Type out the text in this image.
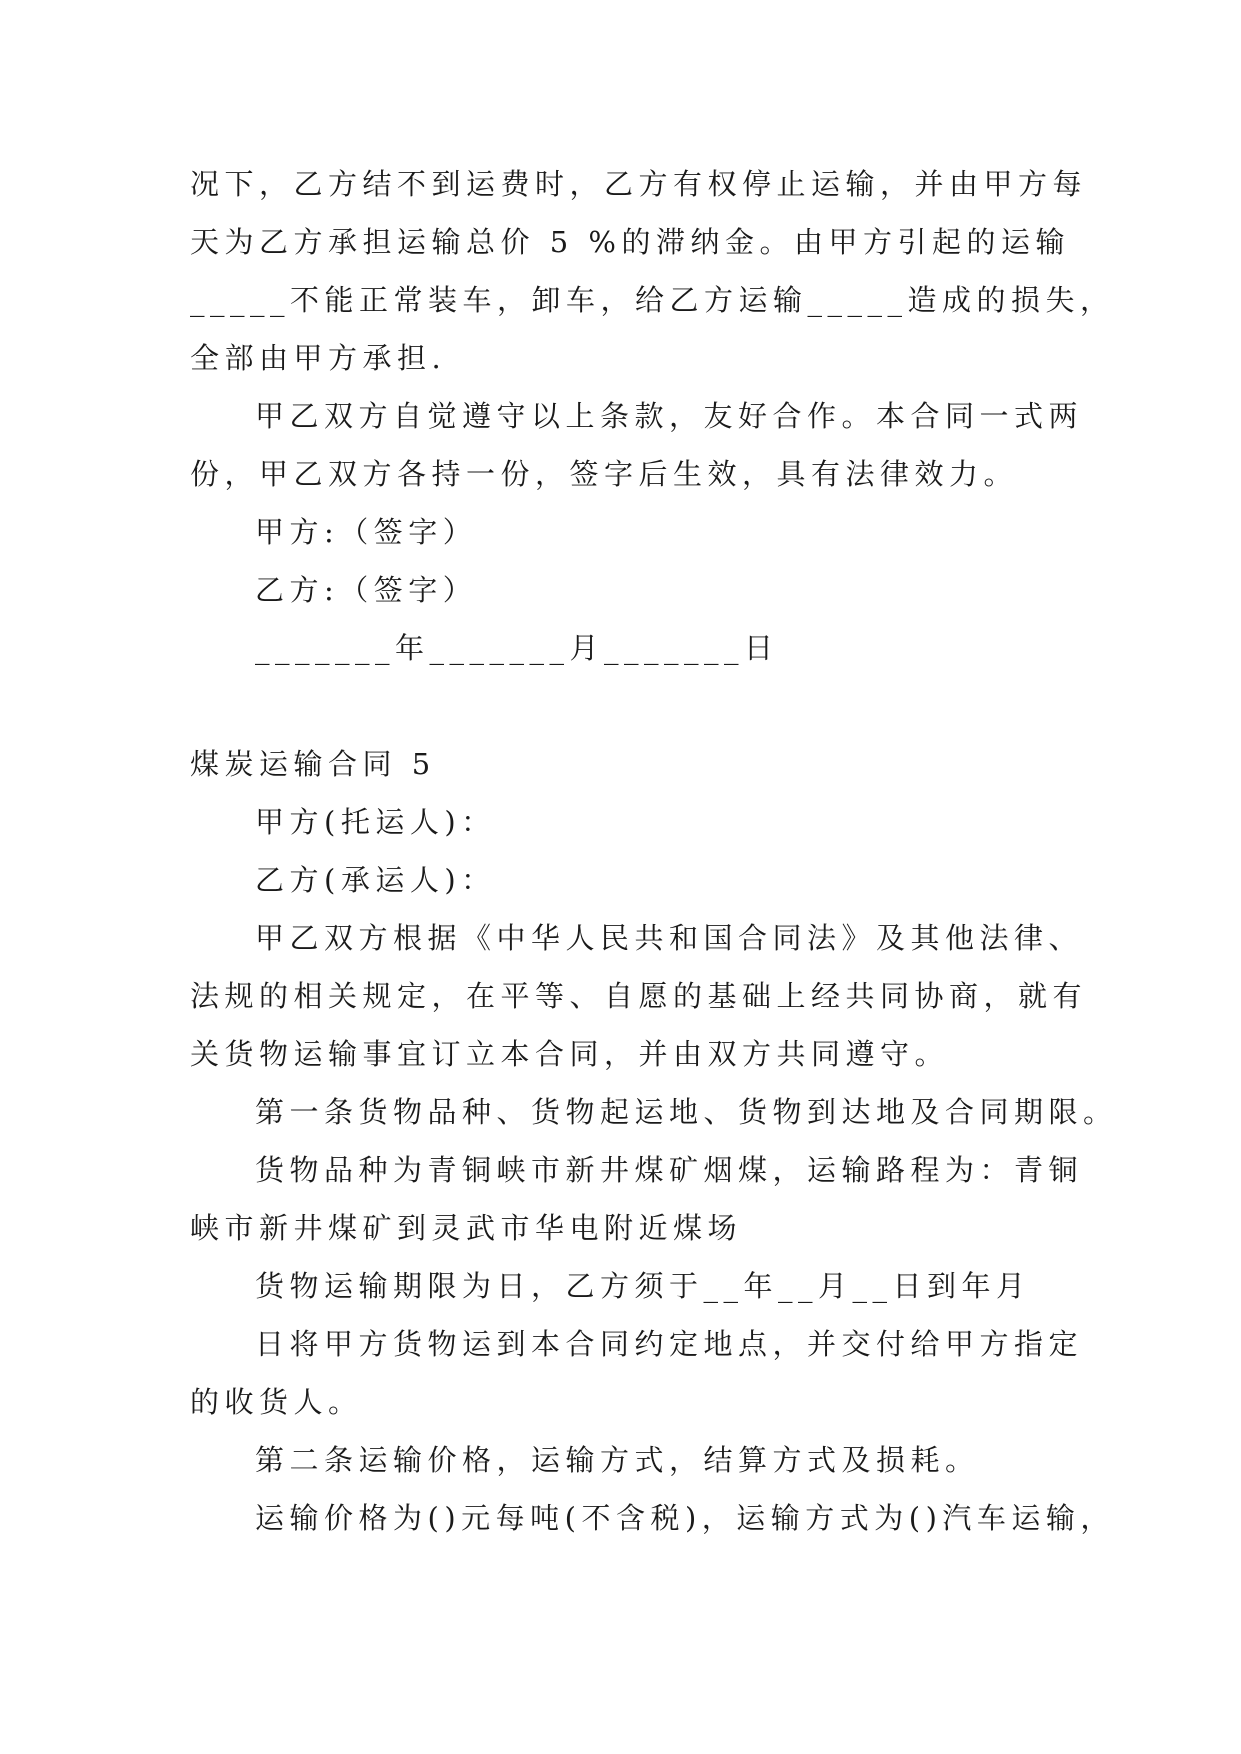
况下，乙方结不到运费时，乙方有权停止运输，并由甲方每
天为乙方承担运输总价 5 %的滞纳金。由甲方引起的运输
_____不能正常装车，卸车，给乙方运输_____造成的损失，
全部由甲方承担.
甲乙双方自觉遵守以上条款，友好合作。本合同一式两
份，甲乙双方各持一份，签字后生效，具有法律效力。
甲方:（签字）
乙方:（签字）
_______年_______月_______日
煤炭运输合同 5
甲方(托运人)：
乙方(承运人)：
甲乙双方根据《中华人民共和国合同法》及其他法律、
法规的相关规定，在平等、自愿的基础上经共同协商，就有
关货物运输事宜订立本合同，并由双方共同遵守。
第一条货物品种、货物起运地、货物到达地及合同期限。
货物品种为青铜峡市新井煤矿烟煤，运输路程为：青铜
峡市新井煤矿到灵武市华电附近煤场
货物运输期限为日，乙方须于__年__月__日到年月
日将甲方货物运到本合同约定地点，并交付给甲方指定
的收货人。
第二条运输价格，运输方式，结算方式及损耗。
运输价格为()元每吨(不含税)，运输方式为()汽车运输，
